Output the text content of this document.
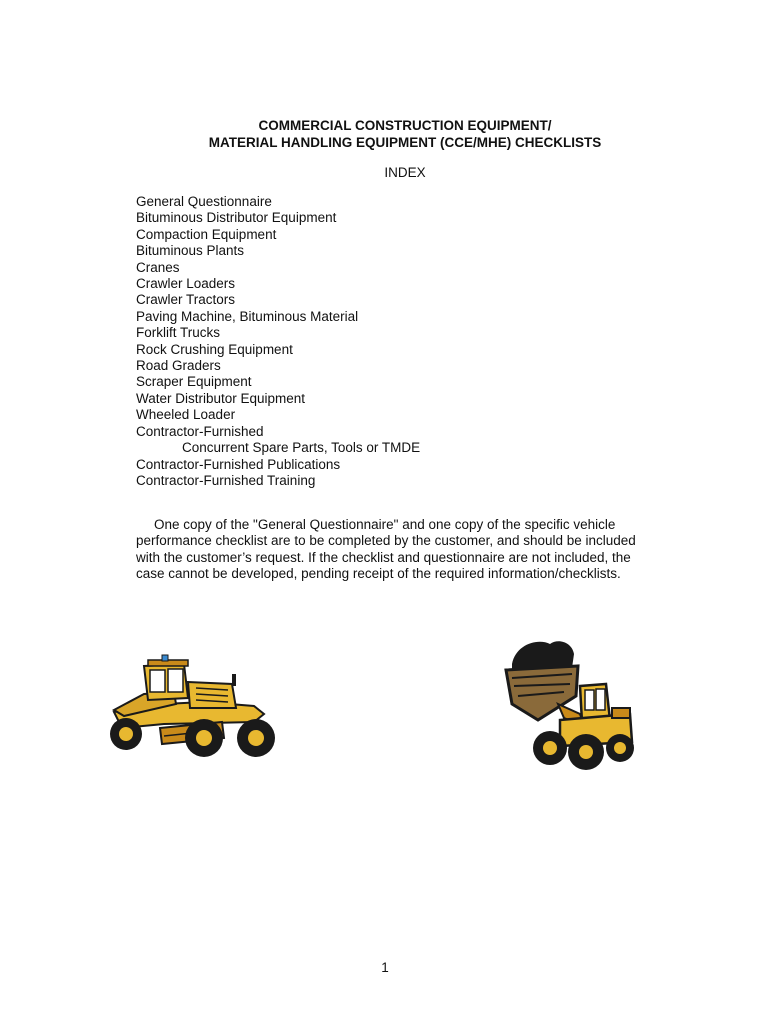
COMMERCIAL CONSTRUCTION EQUIPMENT/
MATERIAL HANDLING EQUIPMENT (CCE/MHE) CHECKLISTS
INDEX
General Questionnaire
Bituminous Distributor Equipment
Compaction Equipment
Bituminous Plants
Cranes
Crawler Loaders
Crawler Tractors
Paving Machine, Bituminous Material
Forklift Trucks
Rock Crushing Equipment
Road Graders
Scraper Equipment
Water Distributor Equipment
Wheeled Loader
Contractor-Furnished
Concurrent Spare Parts, Tools or TMDE
Contractor-Furnished Publications
Contractor-Furnished Training

One copy of the "General Questionnaire" and one copy of the specific vehicle performance checklist are to be completed by the customer, and should be included with the customer’s request. If the checklist and questionnaire are not included, the case cannot be developed, pending receipt of the required information/checklists.

1
